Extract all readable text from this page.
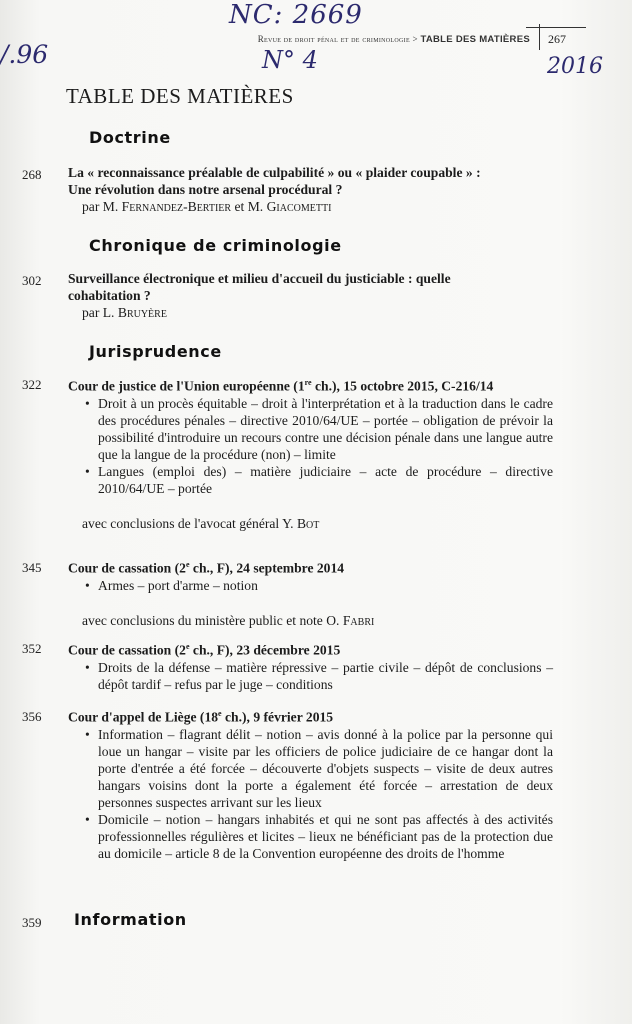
NC: 2669
N° 4
/.96	2016
Revue de droit pénal et de criminologie > TABLE DES MATIÈRES 267
TABLE DES MATIÈRES
Doctrine
268 La « reconnaissance préalable de culpabilité » ou « plaider coupable » :
Une révolution dans notre arsenal procédural ?
par M. Fernandez-Bertier et M. Giacometti
Chronique de criminologie
302 Surveillance électronique et milieu d'accueil du justiciable : quelle
cohabitation ?
par L. Bruyère
Jurisprudence
322 Cour de justice de l'Union européenne (1re ch.), 15 octobre 2015, C-216/14
• Droit à un procès équitable – droit à l'interprétation et à la traduction dans le cadre des procédures pénales – directive 2010/64/UE – portée – obligation de prévoir la possibilité d'introduire un recours contre une décision pénale dans une langue autre que la langue de la procédure (non) – limite
• Langues (emploi des) – matière judiciaire – acte de procédure – directive 2010/64/UE – portée
avec conclusions de l'avocat général Y. Bot
345 Cour de cassation (2e ch., F), 24 septembre 2014
• Armes – port d'arme – notion
avec conclusions du ministère public et note O. Fabri
352 Cour de cassation (2e ch., F), 23 décembre 2015
• Droits de la défense – matière répressive – partie civile – dépôt de conclusions – dépôt tardif – refus par le juge – conditions
356 Cour d'appel de Liège (18e ch.), 9 février 2015
• Information – flagrant délit – notion – avis donné à la police par la personne qui loue un hangar – visite par les officiers de police judiciaire de ce hangar dont la porte d'entrée a été forcée – découverte d'objets suspects – visite de deux autres hangars voisins dont la porte a également été forcée – arrestation de deux personnes suspectes arrivant sur les lieux
• Domicile – notion – hangars inhabités et qui ne sont pas affectés à des activités professionnelles régulières et licites – lieux ne bénéficiant pas de la protection due au domicile – article 8 de la Convention européenne des droits de l'homme
359 Information
